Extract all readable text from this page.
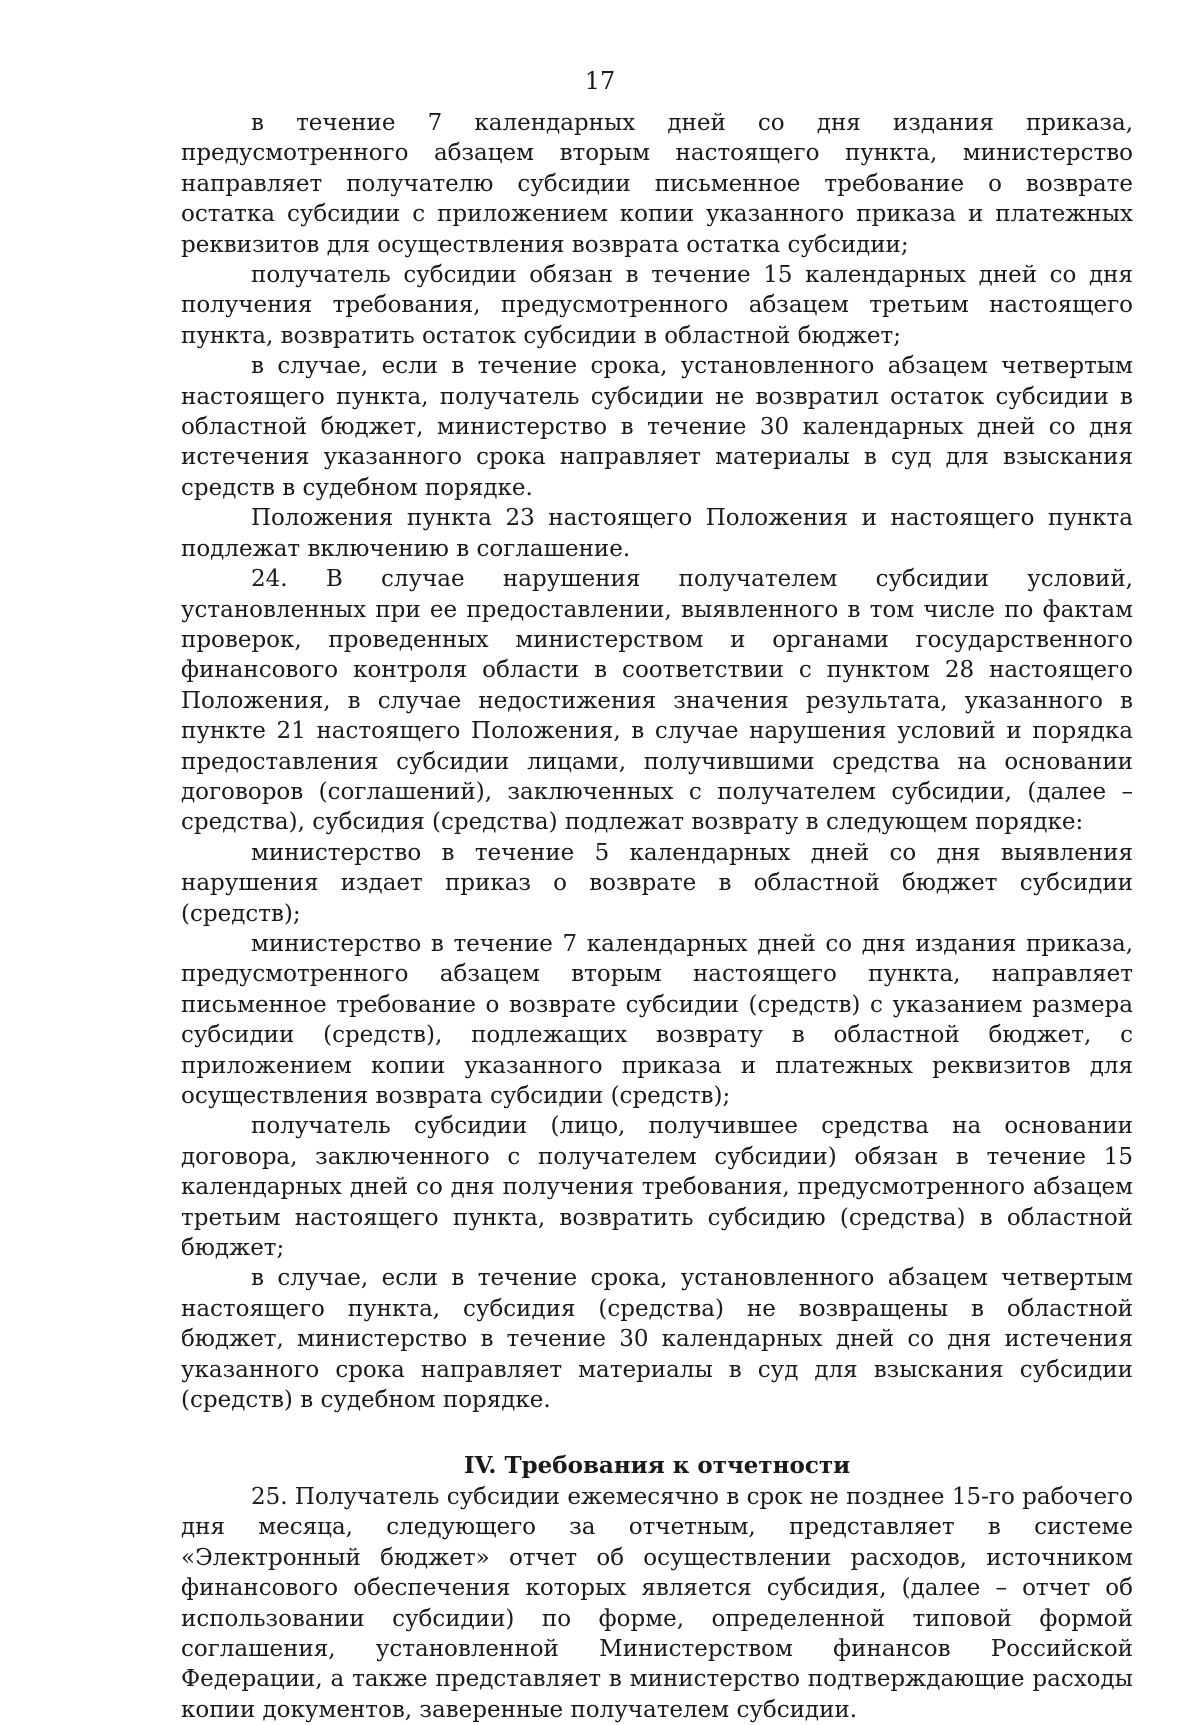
17

в течение 7 календарных дней со дня издания приказа, предусмотренного абзацем вторым настоящего пункта, министерство направляет получателю субсидии письменное требование о возврате остатка субсидии с приложением копии указанного приказа и платежных реквизитов для осуществления возврата остатка субсидии;

получатель субсидии обязан в течение 15 календарных дней со дня получения требования, предусмотренного абзацем третьим настоящего пункта, возвратить остаток субсидии в областной бюджет;

в случае, если в течение срока, установленного абзацем четвертым настоящего пункта, получатель субсидии не возвратил остаток субсидии в областной бюджет, министерство в течение 30 календарных дней со дня истечения указанного срока направляет материалы в суд для взыскания средств в судебном порядке.

Положения пункта 23 настоящего Положения и настоящего пункта подлежат включению в соглашение.

24. В случае нарушения получателем субсидии условий, установленных при ее предоставлении, выявленного в том числе по фактам проверок, проведенных министерством и органами государственного финансового контроля области в соответствии с пунктом 28 настоящего Положения, в случае недостижения значения результата, указанного в пункте 21 настоящего Положения, в случае нарушения условий и порядка предоставления субсидии лицами, получившими средства на основании договоров (соглашений), заключенных с получателем субсидии, (далее – средства), субсидия (средства) подлежат возврату в следующем порядке:

министерство в течение 5 календарных дней со дня выявления нарушения издает приказ о возврате в областной бюджет субсидии (средств);

министерство в течение 7 календарных дней со дня издания приказа, предусмотренного абзацем вторым настоящего пункта, направляет письменное требование о возврате субсидии (средств) с указанием размера субсидии (средств), подлежащих возврату в областной бюджет, с приложением копии указанного приказа и платежных реквизитов для осуществления возврата субсидии (средств);

получатель субсидии (лицо, получившее средства на основании договора, заключенного с получателем субсидии) обязан в течение 15 календарных дней со дня получения требования, предусмотренного абзацем третьим настоящего пункта, возвратить субсидию (средства) в областной бюджет;

в случае, если в течение срока, установленного абзацем четвертым настоящего пункта, субсидия (средства) не возвращены в областной бюджет, министерство в течение 30 календарных дней со дня истечения указанного срока направляет материалы в суд для взыскания субсидии (средств) в судебном порядке.

IV. Требования к отчетности

25. Получатель субсидии ежемесячно в срок не позднее 15-го рабочего дня месяца, следующего за отчетным, представляет в системе «Электронный бюджет» отчет об осуществлении расходов, источником финансового обеспечения которых является субсидия, (далее – отчет об использовании субсидии) по форме, определенной типовой формой соглашения, установленной Министерством финансов Российской Федерации, а также представляет в министерство подтверждающие расходы копии документов, заверенные получателем субсидии.
